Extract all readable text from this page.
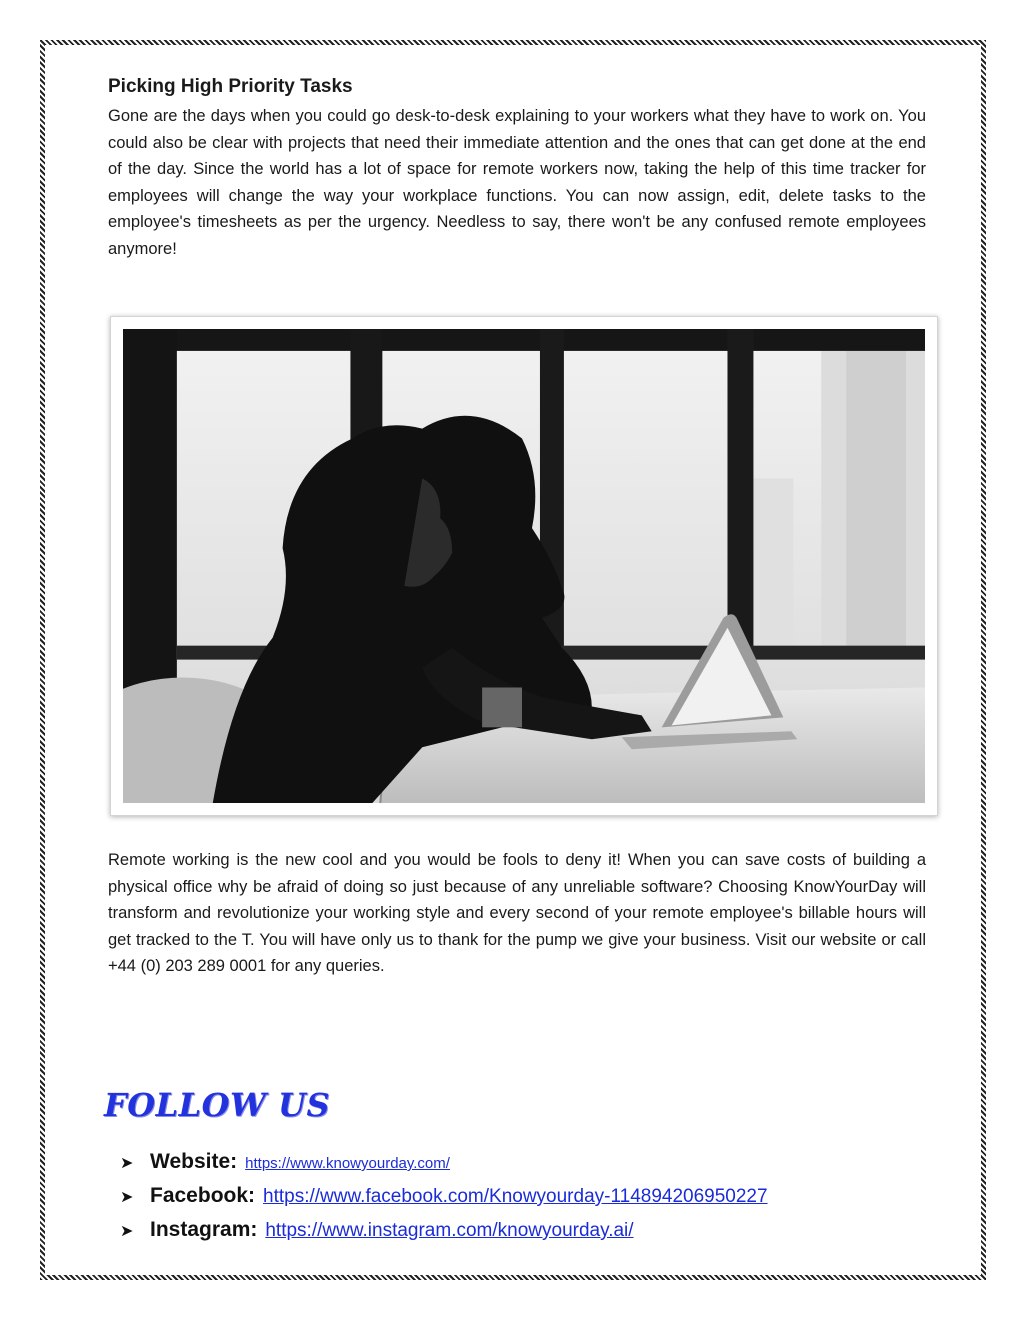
Picking High Priority Tasks

Gone are the days when you could go desk-to-desk explaining to your workers what they have to work on. You could also be clear with projects that need their immediate attention and the ones that can get done at the end of the day. Since the world has a lot of space for remote workers now, taking the help of this time tracker for employees will change the way your workplace functions. You can now assign, edit, delete tasks to the employee's timesheets as per the urgency. Needless to say, there won't be any confused remote employees anymore!

Remote working is the new cool and you would be fools to deny it! When you can save costs of building a physical office why be afraid of doing so just because of any unreliable software? Choosing KnowYourDay will transform and revolutionize your working style and every second of your remote employee's billable hours will get tracked to the T. You will have only us to thank for the pump we give your business. Visit our website or call +44 (0) 203 289 0001 for any queries.

FOLLOW US
➤ Website: https://www.knowyourday.com/
➤ Facebook: https://www.facebook.com/Knowyourday-114894206950227
➤ Instagram: https://www.instagram.com/knowyourday.ai/
